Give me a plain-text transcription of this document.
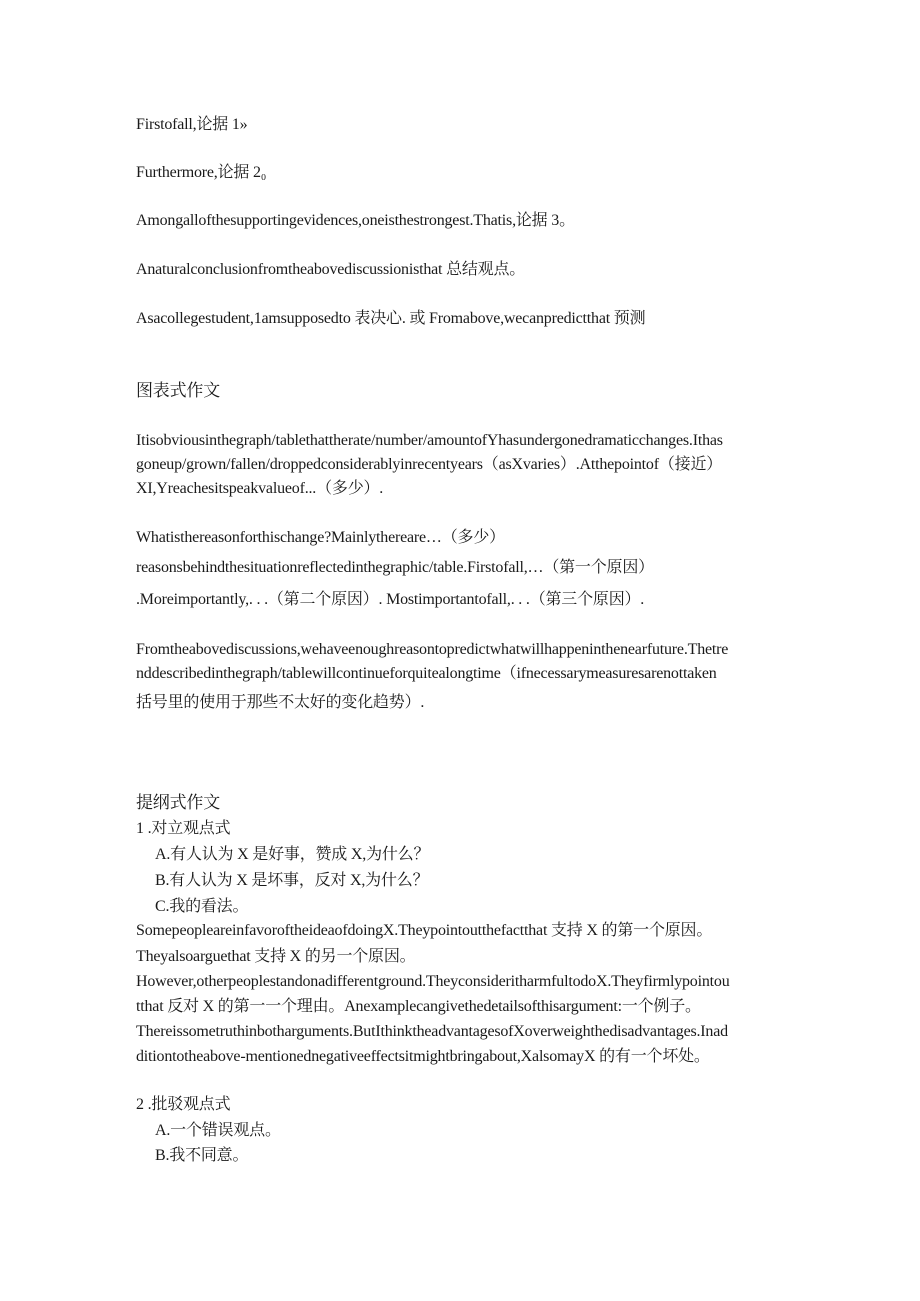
Firstofall,论据 1»
Furthermore,论据 2₀
Amongallofthesupportingevidences,oneisthestrongest.Thatis,论据 3。
Anaturalconclusionfromtheabovediscussionisthat 总结观点。
Asacollegestudent,1amsupposedto 表决心. 或 Fromabove,wecanpredictthat 预测
图表式作文
Itisobviousinthegraph/tablethattherate/number/amountofYhasundergonedramaticchanges.Ithas
goneup/grown/fallen/droppedconsiderablyinrecentyears（asXvaries）.Atthepointof（接近）
XI,Yreachesitspeakvalueof...（多少）.
Whatisthereasonforthischange?Mainlythereare…（多少）
reasonsbehindthesituationreflectedinthegraphic/table.Firstofall,…（第一个原因）
.Moreimportantly,. . .（第二个原因）. Mostimportantofall,. . .（第三个原因）.
Fromtheabovediscussions,wehaveenoughreasontopredictwhatwillhappeninthenearfuture.Thetre
nddescribedinthegraph/tablewillcontinueforquitealongtime（ifnecessarymeasuresarenottaken
括号里的使用于那些不太好的变化趋势）.
提纲式作文
1 .对立观点式
A.有人认为 X 是好事，赞成 X,为什么？
B.有人认为 X 是坏事，反对 X,为什么？
C.我的看法。
SomepeopleareinfavoroftheideaofdoingX.Theypointoutthefactthat 支持 X 的第一个原因。
Theyalsoarguethat 支持 X 的另一个原因。
However,otherpeoplestandonadifferentground.TheyconsideritharmfultodoX.Theyfirmlypointou
tthat 反对 X 的第一一个理由。Anexamplecangivethedetailsofthisargument:一个例子。
Thereissometruthinbotharguments.ButIthinktheadvantagesofXoverweighthedisadvantages.Inad
ditiontotheabove-mentionednegativeeffectsitmightbringabout,XalsomayX 的有一个坏处。
2 .批驳观点式
A.一个错误观点。
B.我不同意。
